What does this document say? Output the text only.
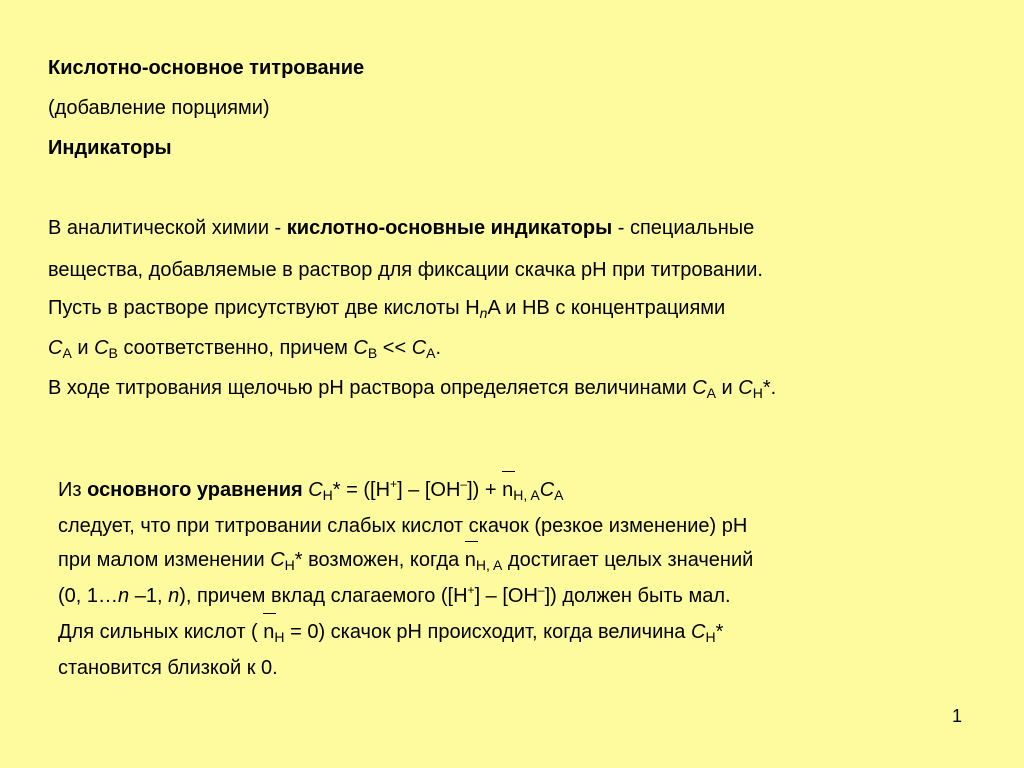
Кислотно-основное титрование
(добавление порциями)
Индикаторы
В аналитической химии - кислотно-основные индикаторы - специальные
вещества, добавляемые в раствор для фиксации скачка pH при титровании.
Пусть в растворе присутствуют две кислоты $H_nA$ и HB с концентрациями
$C_A$ и $C_B$ соответственно, причем $C_B << C_A$.
В ходе титрования щелочью pH раствора определяется величинами $C_A$ и $C_H*$.
Из основного уравнения $C_H* = ([H^+] - [OH^-]) + n_{H, A}C_A$
следует, что при титровании слабых кислот скачок (резкое изменение) pH
при малом изменении $C_H*$ возможен, когда $n_{H, A}$ достигает целых значений
(0, 1…n –1, n), причем вклад слагаемого ([H+] – [OH–]) должен быть мал.
Для сильных кислот ( $n_H = 0$) скачок pH происходит, когда величина $C_H*$
становится близкой к 0.
1
